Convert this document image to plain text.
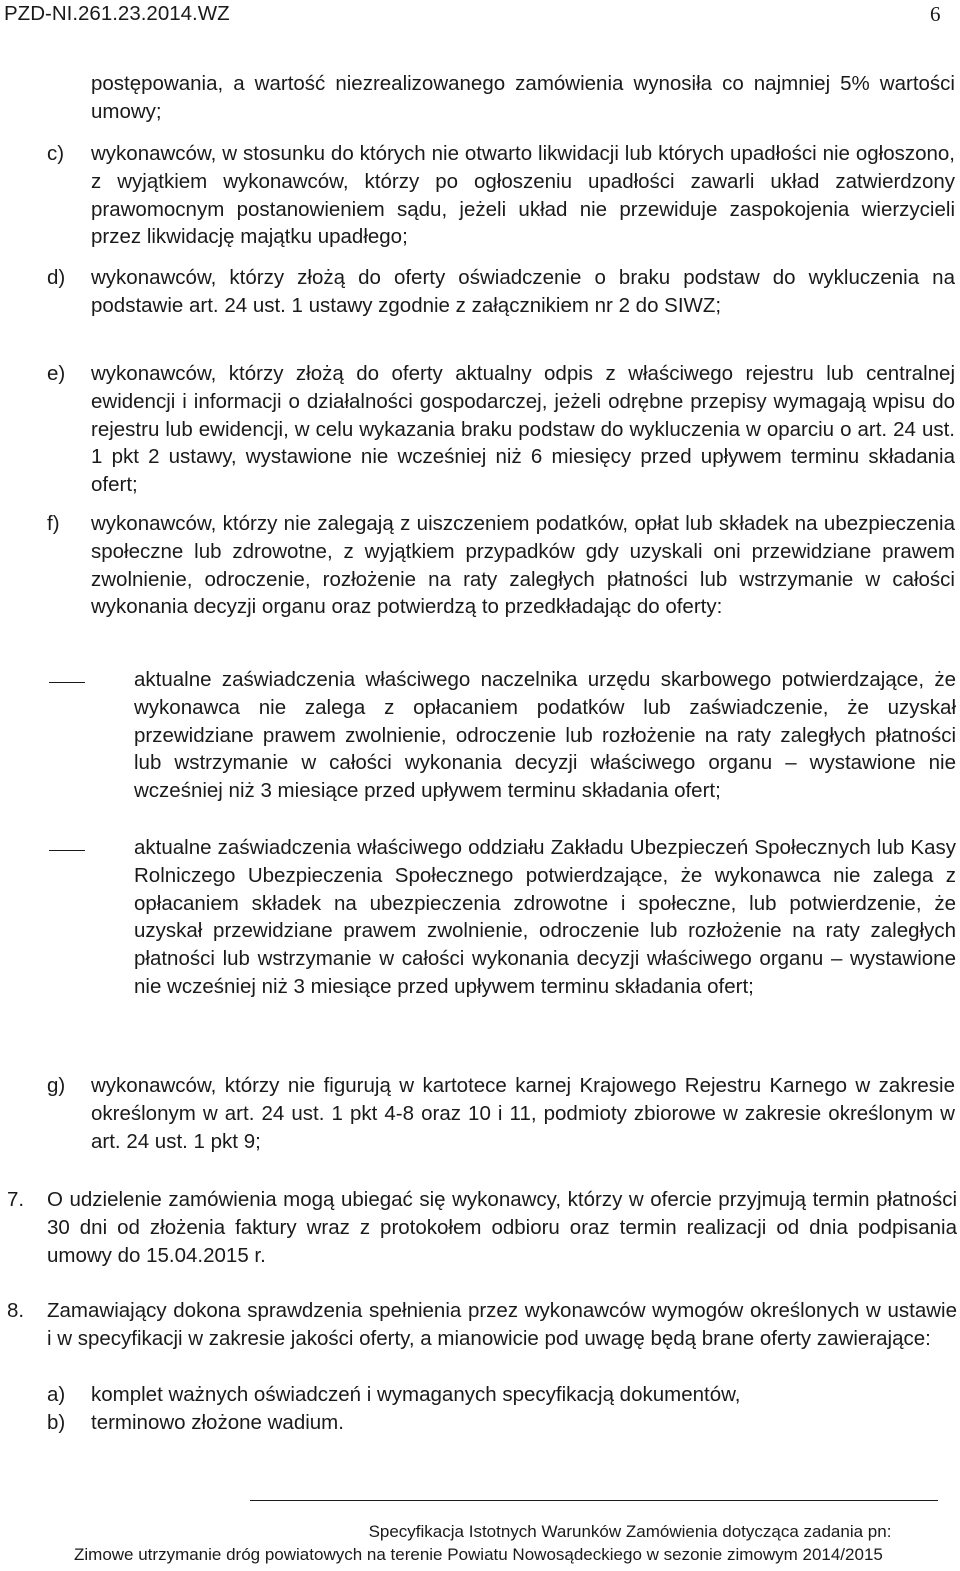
PZD-NI.261.23.2014.WZ	6
postępowania, a wartość niezrealizowanego zamówienia wynosiła co najmniej 5% wartości umowy;
c) wykonawców, w stosunku do których nie otwarto likwidacji lub których upadłości nie ogłoszono, z wyjątkiem wykonawców, którzy po ogłoszeniu upadłości zawarli układ zatwierdzony prawomocnym postanowieniem sądu, jeżeli układ nie przewiduje zaspokojenia wierzycieli przez likwidację majątku upadłego;
d) wykonawców, którzy złożą do oferty oświadczenie o braku podstaw do wykluczenia na podstawie art. 24 ust. 1 ustawy zgodnie z załącznikiem nr 2 do SIWZ;
e) wykonawców, którzy złożą do oferty aktualny odpis z właściwego rejestru lub centralnej ewidencji i informacji o działalności gospodarczej, jeżeli odrębne przepisy wymagają wpisu do rejestru lub ewidencji, w celu wykazania braku podstaw do wykluczenia w oparciu o art. 24 ust. 1 pkt 2 ustawy, wystawione nie wcześniej niż 6 miesięcy przed upływem terminu składania ofert;
f) wykonawców, którzy nie zalegają z uiszczeniem podatków, opłat lub składek na ubezpieczenia społeczne lub zdrowotne, z wyjątkiem przypadków gdy uzyskali oni przewidziane prawem zwolnienie, odroczenie, rozłożenie na raty zaległych płatności lub wstrzymanie w całości wykonania decyzji organu oraz potwierdzą to przedkładając do oferty:
aktualne zaświadczenia właściwego naczelnika urzędu skarbowego potwierdzające, że wykonawca nie zalega z opłacaniem podatków lub zaświadczenie, że uzyskał przewidziane prawem zwolnienie, odroczenie lub rozłożenie na raty zaległych płatności lub wstrzymanie w całości wykonania decyzji właściwego organu – wystawione nie wcześniej niż 3 miesiące przed upływem terminu składania ofert;
aktualne zaświadczenia właściwego oddziału Zakładu Ubezpieczeń Społecznych lub Kasy Rolniczego Ubezpieczenia Społecznego potwierdzające, że wykonawca nie zalega z opłacaniem składek na ubezpieczenia zdrowotne i społeczne, lub potwierdzenie, że uzyskał przewidziane prawem zwolnienie, odroczenie lub rozłożenie na raty zaległych płatności lub wstrzymanie w całości wykonania decyzji właściwego organu – wystawione nie wcześniej niż 3 miesiące przed upływem terminu składania ofert;
g) wykonawców, którzy nie figurują w kartotece karnej Krajowego Rejestru Karnego w zakresie określonym w art. 24 ust. 1 pkt 4-8 oraz 10 i 11, podmioty zbiorowe w zakresie określonym w art. 24 ust. 1 pkt 9;
7. O udzielenie zamówienia mogą ubiegać się wykonawcy, którzy w ofercie przyjmują termin płatności 30 dni od złożenia faktury wraz z protokołem odbioru oraz termin realizacji od dnia podpisania umowy do 15.04.2015 r.
8. Zamawiający dokona sprawdzenia spełnienia przez wykonawców wymogów określonych w ustawie i w specyfikacji w zakresie jakości oferty, a mianowicie pod uwagę będą brane oferty zawierające:
a) komplet ważnych oświadczeń i wymaganych specyfikacją dokumentów,
b) terminowo złożone wadium.
Specyfikacja Istotnych Warunków Zamówienia dotycząca zadania pn:
Zimowe utrzymanie dróg powiatowych na terenie Powiatu Nowosądeckiego w sezonie zimowym 2014/2015
